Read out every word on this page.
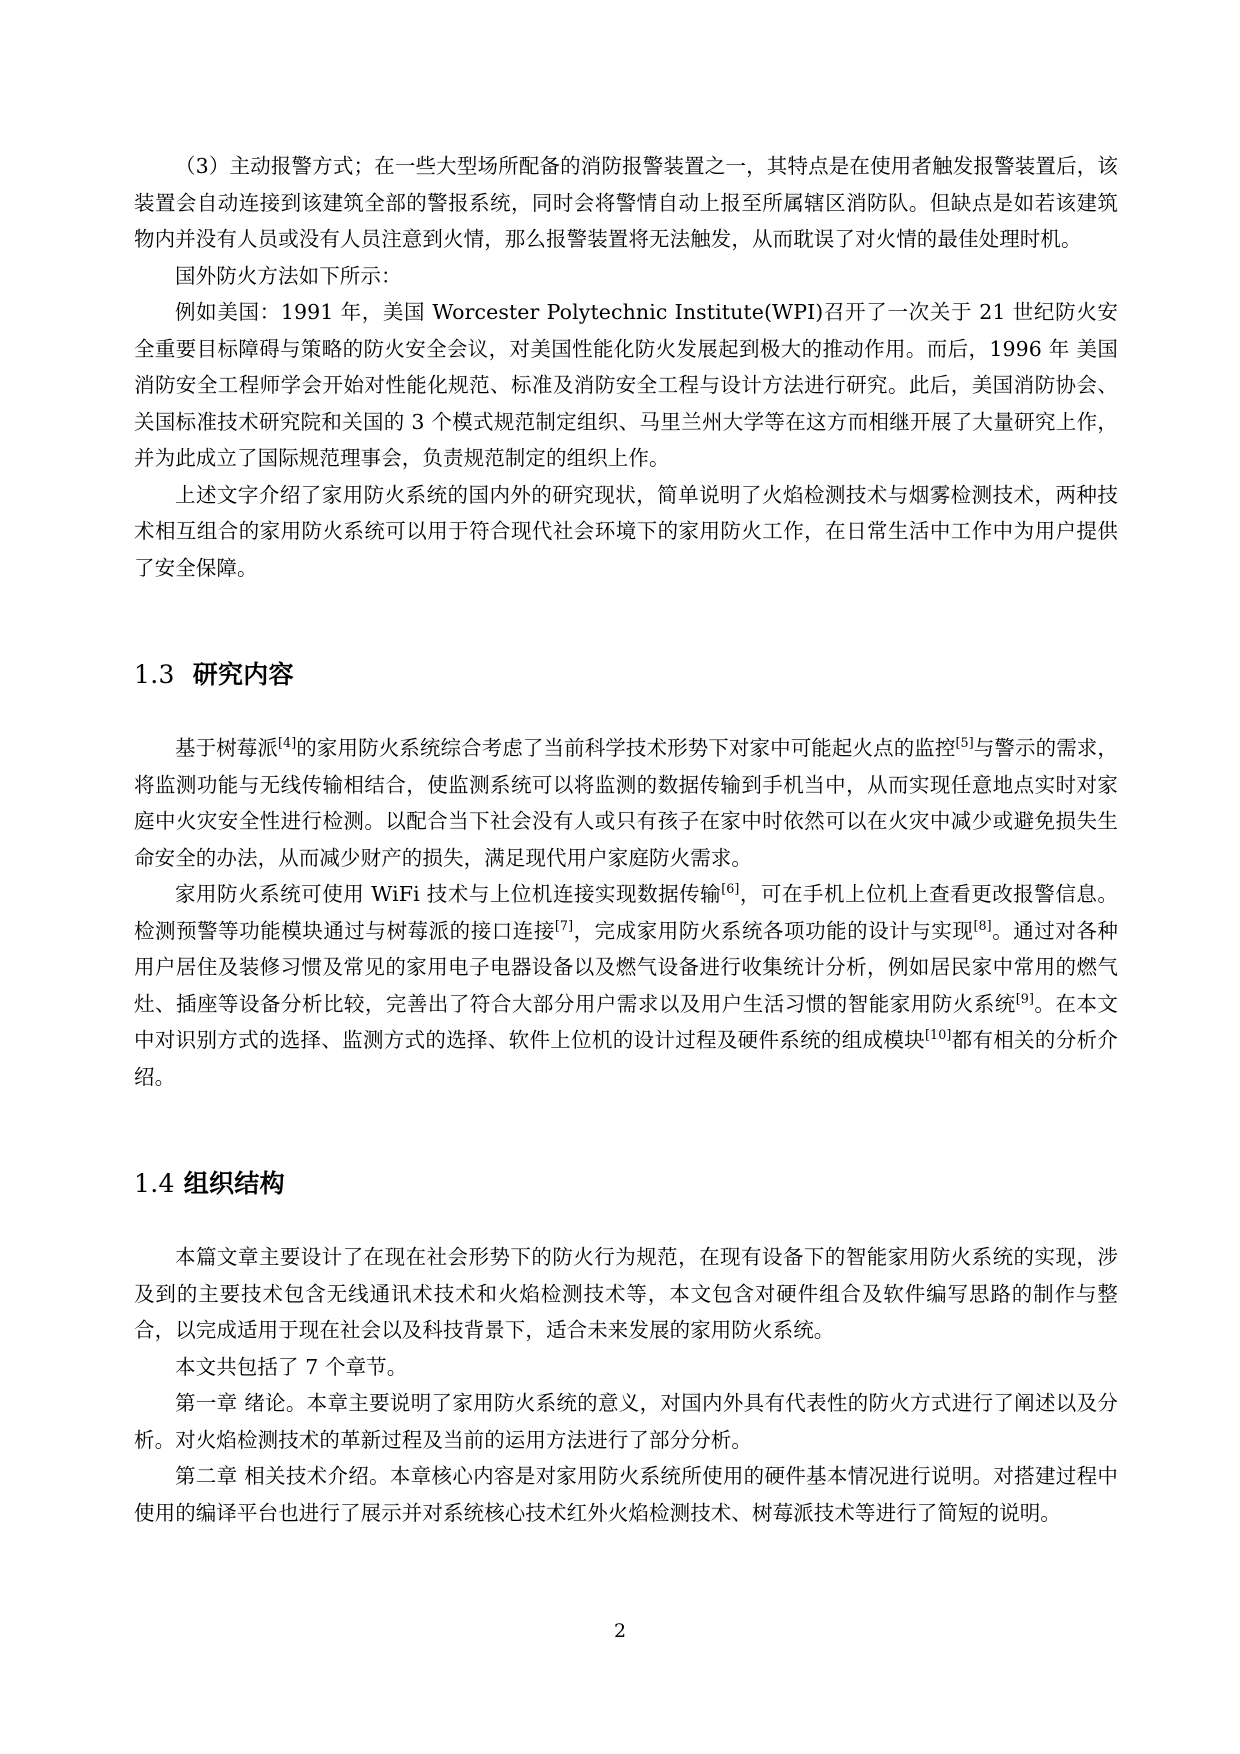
（3）主动报警方式；在一些大型场所配备的消防报警装置之一，其特点是在使用者触发报警装置后，该装置会自动连接到该建筑全部的警报系统，同时会将警情自动上报至所属辖区消防队。但缺点是如若该建筑物内并没有人员或没有人员注意到火情，那么报警装置将无法触发，从而耽误了对火情的最佳处理时机。

国外防火方法如下所示：

例如美国：1991 年，美国 Worcester Polytechnic Institute(WPI)召开了一次关于 21 世纪防火安全重要目标障碍与策略的防火安全会议，对美国性能化防火发展起到极大的推动作用。而后，1996 年 美国消防安全工程师学会开始对性能化规范、标准及消防安全工程与设计方法进行研究。此后，美国消防协会、关国标准技术研究院和关国的 3 个模式规范制定组织、马里兰州大学等在这方而相继开展了大量研究上作，并为此成立了国际规范理事会，负责规范制定的组织上作。

上述文字介绍了家用防火系统的国内外的研究现状，简单说明了火焰检测技术与烟雾检测技术，两种技术相互组合的家用防火系统可以用于符合现代社会环境下的家用防火工作，在日常生活中工作中为用户提供了安全保障。

1.3 研究内容

基于树莓派[4]的家用防火系统综合考虑了当前科学技术形势下对家中可能起火点的监控[5]与警示的需求，将监测功能与无线传输相结合，使监测系统可以将监测的数据传输到手机当中，从而实现任意地点实时对家庭中火灾安全性进行检测。以配合当下社会没有人或只有孩子在家中时依然可以在火灾中减少或避免损失生命安全的办法，从而减少财产的损失，满足现代用户家庭防火需求。

家用防火系统可使用 WiFi 技术与上位机连接实现数据传输[6]，可在手机上位机上查看更改报警信息。检测预警等功能模块通过与树莓派的接口连接[7]，完成家用防火系统各项功能的设计与实现[8]。通过对各种用户居住及装修习惯及常见的家用电子电器设备以及燃气设备进行收集统计分析，例如居民家中常用的燃气灶、插座等设备分析比较，完善出了符合大部分用户需求以及用户生活习惯的智能家用防火系统[9]。在本文中对识别方式的选择、监测方式的选择、软件上位机的设计过程及硬件系统的组成模块[10]都有相关的分析介绍。

1.4 组织结构

本篇文章主要设计了在现在社会形势下的防火行为规范，在现有设备下的智能家用防火系统的实现，涉及到的主要技术包含无线通讯术技术和火焰检测技术等，本文包含对硬件组合及软件编写思路的制作与整合，以完成适用于现在社会以及科技背景下，适合未来发展的家用防火系统。

本文共包括了 7 个章节。

第一章 绪论。本章主要说明了家用防火系统的意义，对国内外具有代表性的防火方式进行了阐述以及分析。对火焰检测技术的革新过程及当前的运用方法进行了部分分析。

第二章 相关技术介绍。本章核心内容是对家用防火系统所使用的硬件基本情况进行说明。对搭建过程中使用的编译平台也进行了展示并对系统核心技术红外火焰检测技术、树莓派技术等进行了简短的说明。

2
